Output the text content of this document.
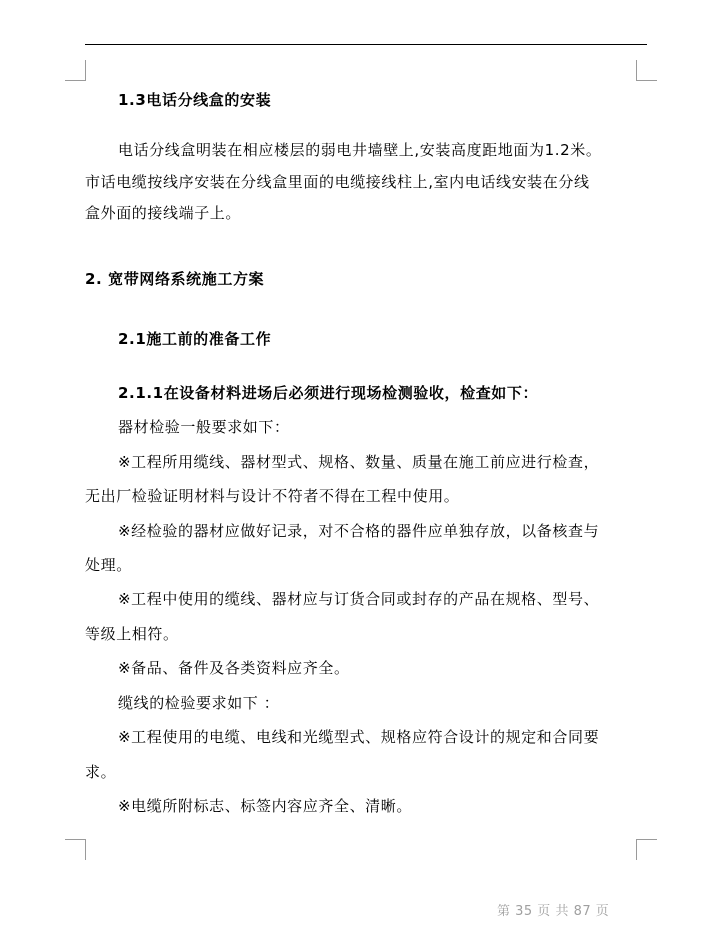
1.3电话分线盒的安装
电话分线盒明装在相应楼层的弱电井墙壁上,安装高度距地面为1.2米。
市话电缆按线序安装在分线盒里面的电缆接线柱上,室内电话线安装在分线
盒外面的接线端子上。
2. 宽带网络系统施工方案
2.1施工前的准备工作
2.1.1在设备材料进场后必须进行现场检测验收，检查如下：
器材检验一般要求如下：
※工程所用缆线、器材型式、规格、数量、质量在施工前应进行检查，
无出厂检验证明材料与设计不符者不得在工程中使用。
※经检验的器材应做好记录，对不合格的器件应单独存放，以备核查与
处理。
※工程中使用的缆线、器材应与订货合同或封存的产品在规格、型号、
等级上相符。
※备品、备件及各类资料应齐全。
缆线的检验要求如下 ：
※工程使用的电缆、电线和光缆型式、规格应符合设计的规定和合同要
求。
※电缆所附标志、标签内容应齐全、清晰。
第 35 页 共 87 页
